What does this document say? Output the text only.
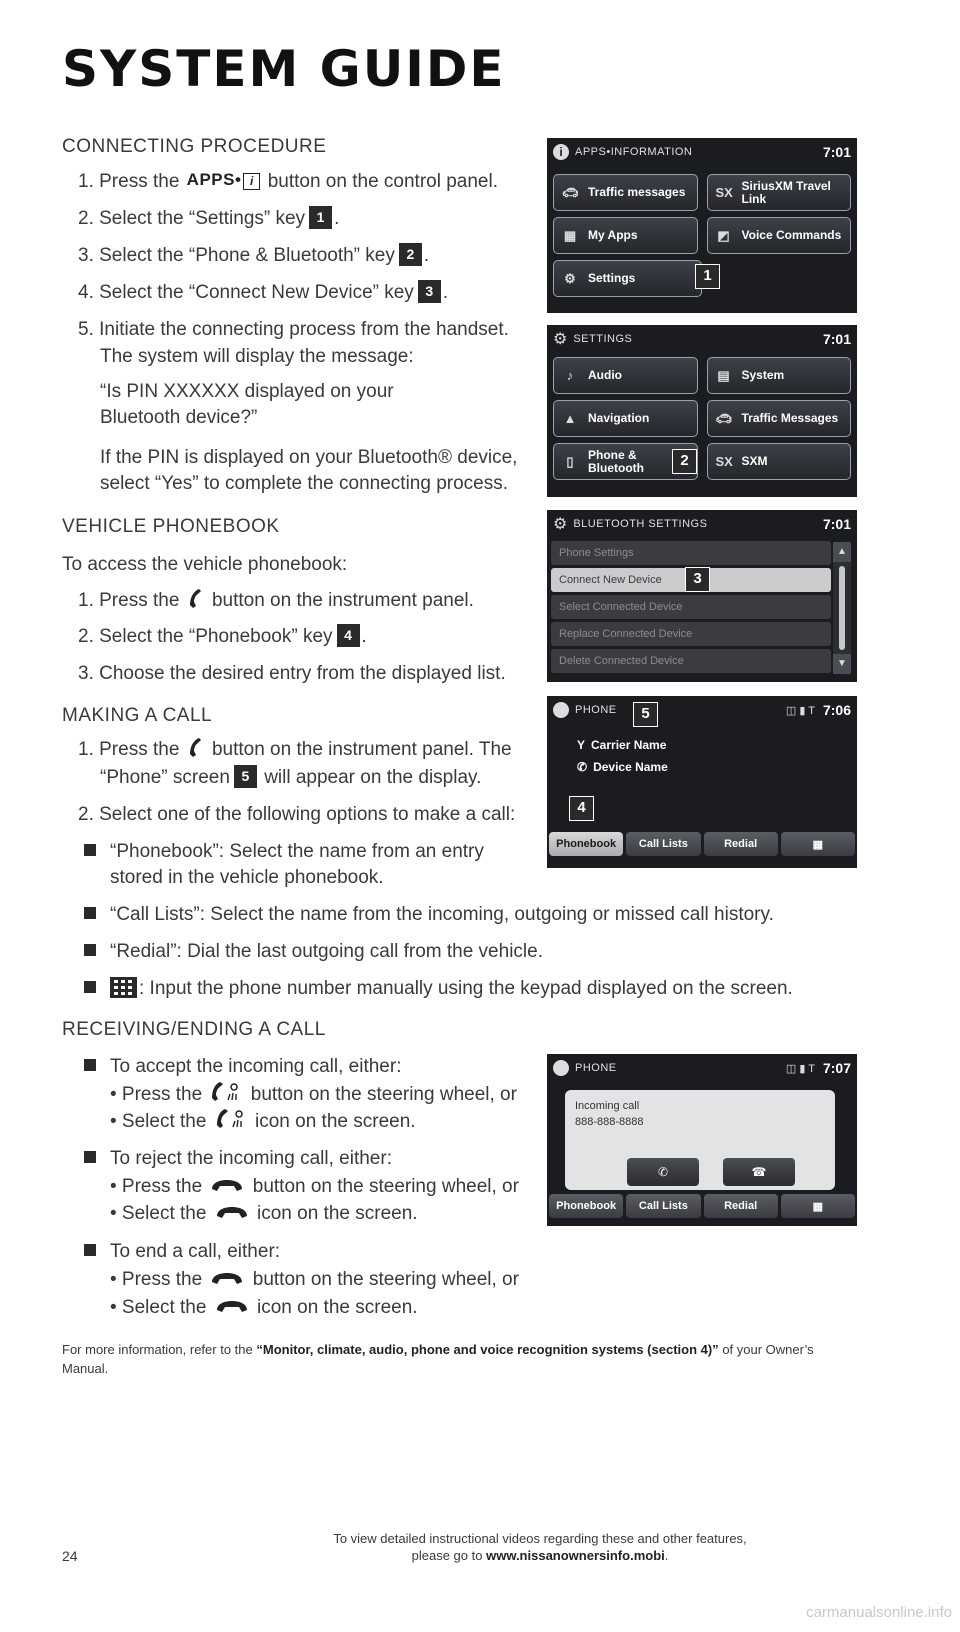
SYSTEM GUIDE
CONNECTING PROCEDURE
1. Press the APPS• i button on the control panel.
2. Select the “Settings” key 1 .
3. Select the “Phone & Bluetooth” key 2 .
4. Select the “Connect New Device” key 3 .
5. Initiate the connecting process from the handset.
The system will display the message:
“Is PIN XXXXXX displayed on your
Bluetooth device?”
If the PIN is displayed on your Bluetooth® device,
select “Yes” to complete the connecting process.
VEHICLE PHONEBOOK
To access the vehicle phonebook:
1. Press the button on the instrument panel.
2. Select the “Phonebook” key 4 .
3. Choose the desired entry from the displayed list.
MAKING A CALL
1. Press the button on the instrument panel. The
“Phone” screen 5 will appear on the display.
2. Select one of the following options to make a call:
“Phonebook”: Select the name from an entry
stored in the vehicle phonebook.
“Call Lists”: Select the name from the incoming, outgoing or missed call history.
“Redial”: Dial the last outgoing call from the vehicle.
: Input the phone number manually using the keypad displayed on the screen.
RECEIVING/ENDING A CALL
To accept the incoming call, either:
• Press the	button on the steering wheel, or
• Select the	icon on the screen.
To reject the incoming call, either:
• Press the	button on the steering wheel, or
• Select the	icon on the screen.
To end a call, either:
• Press the	button on the steering wheel, or
• Select the	icon on the screen.
For more information, refer to the “Monitor, climate, audio, phone and voice recognition systems (section 4)” of your Owner’s Manual.
i	APPS•INFORMATION	7:01
🚗︎ Traffic messages SX SiriusXM Travel Link
▦ My Apps	◩ Voice Commands
⚙ Settings	1
⚙ SETTINGS	7:01
♪	Audio	▤ System
▲ Navigation	🚗︎ Traffic Messages
▯	Phone & Bluetooth	SX SXM
2
⚙ BLUETOOTH SETTINGS	7:01
Phone Settings
Connect New Device
Select Connected Device
Replace Connected Device
Delete Connected Device
▲
▼
3
PHONE	◫ ▮ T 7:06
Y Carrier Name
✆ Device Name
Phonebook	Call Lists	Redial	▦
5
4
PHONE	◫ ▮ T 7:07
Incoming call
888-888-8888
✆	☎
Phonebook	Call Lists	Redial	▦
24
To view detailed instructional videos regarding these and other features,
please go to www.nissanownersinfo.mobi.
carmanualsonline.info
